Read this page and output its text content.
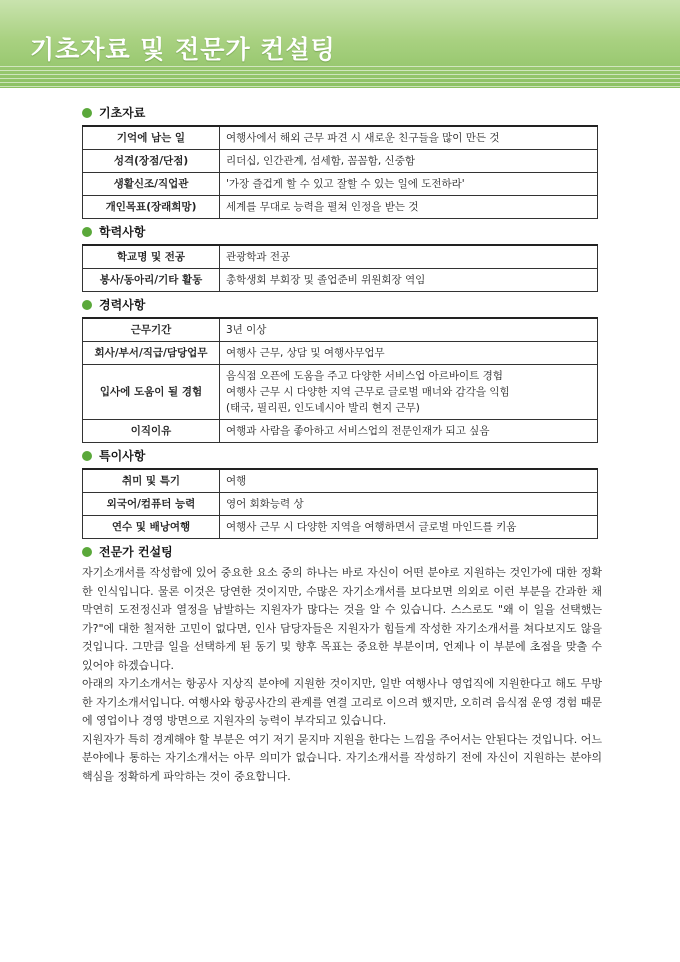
기초자료 및 전문가 컨설팅
기초자료
기억에 남는 일	여행사에서 해외 근무 파견 시 새로운 친구들을 많이 만든 것
성격(장점/단점)	리더십, 인간관계, 섬세함, 꼼꼼함, 신중함
생활신조/직업관	'가장 즐겁게 할 수 있고 잘할 수 있는 일에 도전하라'
개인목표(장래희망)	세계를 무대로 능력을 펼쳐 인정을 받는 것
학력사항
학교명 및 전공	관광학과 전공
봉사/동아리/기타 활동	총학생회 부회장 및 졸업준비 위원회장 역임
경력사항
근무기간	3년 이상
회사/부서/직급/담당업무	여행사 근무, 상담 및 여행사무업무
입사에 도움이 될 경험	음식점 오픈에 도움을 주고 다양한 서비스업 아르바이트 경험
여행사 근무 시 다양한 지역 근무로 글로벌 매너와 감각을 익힘
(태국, 필리핀, 인도네시아 발리 현지 근무)

이직이유	여행과 사람을 좋아하고 서비스업의 전문인재가 되고 싶음
특이사항
취미 및 특기	여행
외국어/컴퓨터 능력	영어 회화능력 상
연수 및 배낭여행	여행사 근무 시 다양한 지역을 여행하면서 글로벌 마인드를 키움
전문가 컨설팅

자기소개서를 작성함에 있어 중요한 요소 중의 하나는 바로 자신이 어떤 분야로 지원하는 것인가에 대한 정확한 인식입니다. 물론 이것은 당연한 것이지만, 수많은 자기소개서를 보다보면 의외로 이런 부분을 간과한 채 막연히 도전정신과 열정을 남발하는 지원자가 많다는 것을 알 수 있습니다. 스스로도 "왜 이 일을 선택했는가?"에 대한 철저한 고민이 없다면, 인사 담당자들은 지원자가 힘들게 작성한 자기소개서를 쳐다보지도 않을 것입니다. 그만큼 일을 선택하게 된 동기 및 향후 목표는 중요한 부분이며, 언제나 이 부분에 초점을 맞출 수 있어야 하겠습니다.

아래의 자기소개서는 항공사 지상직 분야에 지원한 것이지만, 일반 여행사나 영업직에 지원한다고 해도 무방한 자기소개서입니다. 여행사와 항공사간의 관계를 연결 고리로 이으려 했지만, 오히려 음식점 운영 경험 때문에 영업이나 경영 방면으로 지원자의 능력이 부각되고 있습니다.

지원자가 특히 경계해야 할 부분은 여기 저기 묻지마 지원을 한다는 느낌을 주어서는 안된다는 것입니다. 어느 분야에나 통하는 자기소개서는 아무 의미가 없습니다. 자기소개서를 작성하기 전에 자신이 지원하는 분야의 핵심을 정확하게 파악하는 것이 중요합니다.
